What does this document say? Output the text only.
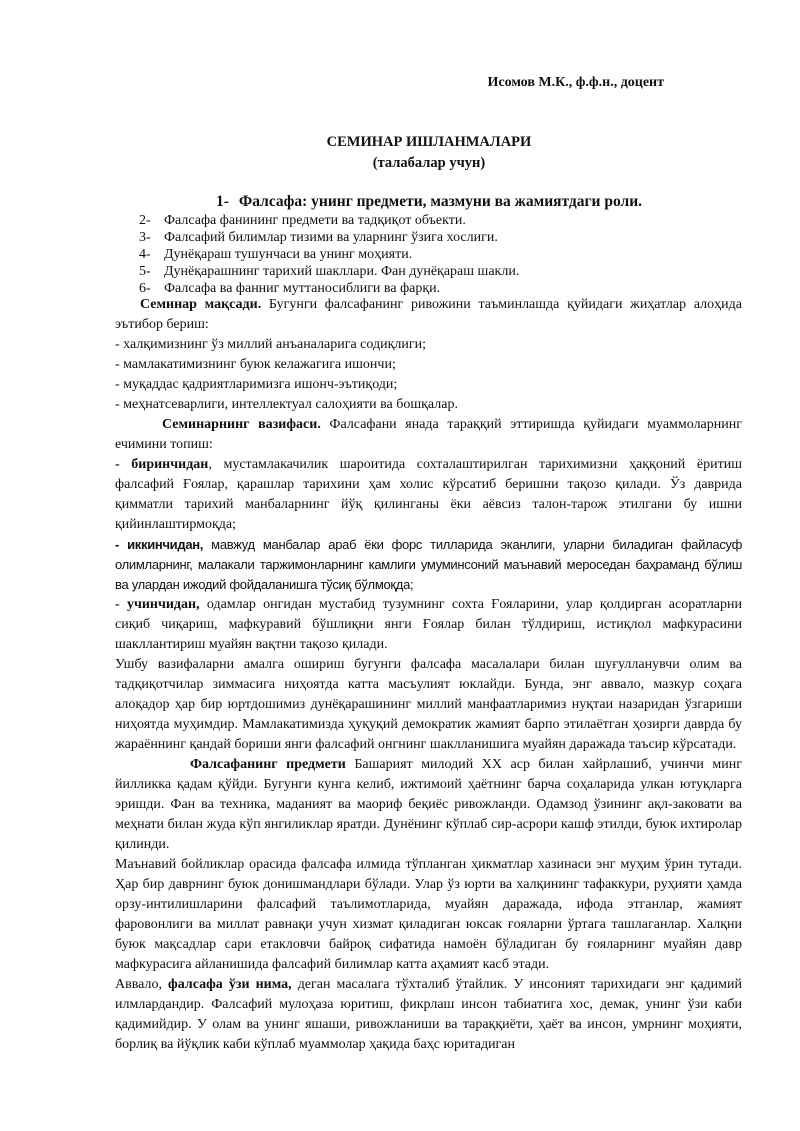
Исомов М.К., ф.ф.н., доцент
СЕМИНАР ИШЛАНМАЛАРИ
(талабалар учун)
1- Фалсафа: унинг предмети, мазмуни ва жамиятдаги роли.
2- Фалсафа фанининг предмети ва тадқиқот объекти.
3- Фалсафий билимлар тизими ва уларнинг ўзига хослиги.
4- Дунёқараш тушунчаси ва унинг моҳияти.
5- Дунёқарашнинг тарихий шакллари. Фан дунёқараш шакли.
6- Фалсафа ва фанниг муттаносиблиги ва фарқи.

Семинар мақсади. Бугунги фалсафанинг ривожини таъминлашда қуйидаги жиҳатлар алоҳида эътибор бериш:

- халқимизнинг ўз миллий анъаналарига содиқлиги;

- мамлакатимизнинг буюк келажагига ишончи;

- муқаддас қадриятларимизга ишонч-эътиқоди;

- меҳнатсеварлиги, интеллектуал салоҳияти ва бошқалар.

Семинарнинг вазифаси. Фалсафани янада тараққий эттиришда қуйидаги муаммоларнинг ечимини топиш:

- биринчидан, мустамлакачилик шароитида сохталаштирилган тарихимизни ҳаққоний ёритиш фалсафий Ғоялар, қарашлар тарихини ҳам холис кўрсатиб беришни тақозо қилади. Ўз даврида қимматли тарихий манбаларнинг йўқ қилинганы ёки аёвсиз талон-тарож этилгани бу ишни қийинлаштирмоқда;

- иккинчидан, мавжуд манбалар араб ёки форс тилларида эканлиги, уларни биладиган файласуф олимларнинг, малакали таржимонларнинг камлиги умуминсоний маънавий мероседан баҳраманд бўлиш ва улардан ижодий фойдаланишга тўсиқ бўлмоқда;

- учинчидан, одамлар онгидан мустабид тузумнинг сохта Ғояларини, улар қолдирган асоратларни сиқиб чиқариш, мафкуравий бўшлиқни янги Ғоялар билан тўлдириш, истиқлол мафкурасини шакллантириш муайян вақтни тақозо қилади.

Ушбу вазифаларни амалга ошириш бугунги фалсафа масалалари билан шуғулланувчи олим ва тадқиқотчилар зиммасига ниҳоятда катта масъулият юклайди. Бунда, энг аввало, мазкур соҳага алоқадор ҳар бир юртдошимиз дунёқарашининг миллий манфаатларимиз нуқтаи назаридан ўзгариши ниҳоятда муҳимдир. Мамлакатимизда ҳуқуқий демократик жамият барпо этилаётган ҳозирги даврда бу жараённинг қандай бориши янги фалсафий онгнинг шаклланишига муайян даражада таъсир кўрсатади.

Фалсафанинг предмети Башарият милодий XX аср билан хайрлашиб, учинчи минг йилликка қадам қўйди. Бугунги кунга келиб, ижтимоий ҳаётнинг барча соҳаларида улкан ютуқларга эришди. Фан ва техника, маданият ва маориф беқиёс ривожланди. Одамзод ўзининг ақл-заковати ва меҳнати билан жуда кўп янгиликлар яратди. Дунёнинг кўплаб сир-асрори кашф этилди, буюк ихтиролар қилинди.

Маънавий бойликлар орасида фалсафа илмида тўпланган ҳикматлар хазинаси энг муҳим ўрин тутади. Ҳар бир даврнинг буюк донишмандлари бўлади. Улар ўз юрти ва халқининг тафаккури, руҳияти ҳамда орзу-интилишларини фалсафий таълимотларида, муайян даражада, ифода этганлар, жамият фаровонлиги ва миллат равнақи учун хизмат қиладиган юксак ғояларни ўртага ташлаганлар. Халқни буюк мақсадлар сари етакловчи байроқ сифатида намоён бўладиган бу ғояларнинг муайян давр мафкурасига айланишида фалсафий билимлар катта аҳамият касб этади.

Аввало, фалсафа ўзи нима, деган масалага тўхталиб ўтайлик. У инсоният тарихидаги энг қадимий илмлардандир. Фалсафий мулоҳаза юритиш, фикрлаш инсон табиатига хос, демак, унинг ўзи каби қадимийдир. У олам ва унинг яшаши, ривожланиши ва тараққиёти, ҳаёт ва инсон, умрнинг моҳияти, борлиқ ва йўқлик каби кўплаб муаммолар ҳақида баҳс юритадиган
